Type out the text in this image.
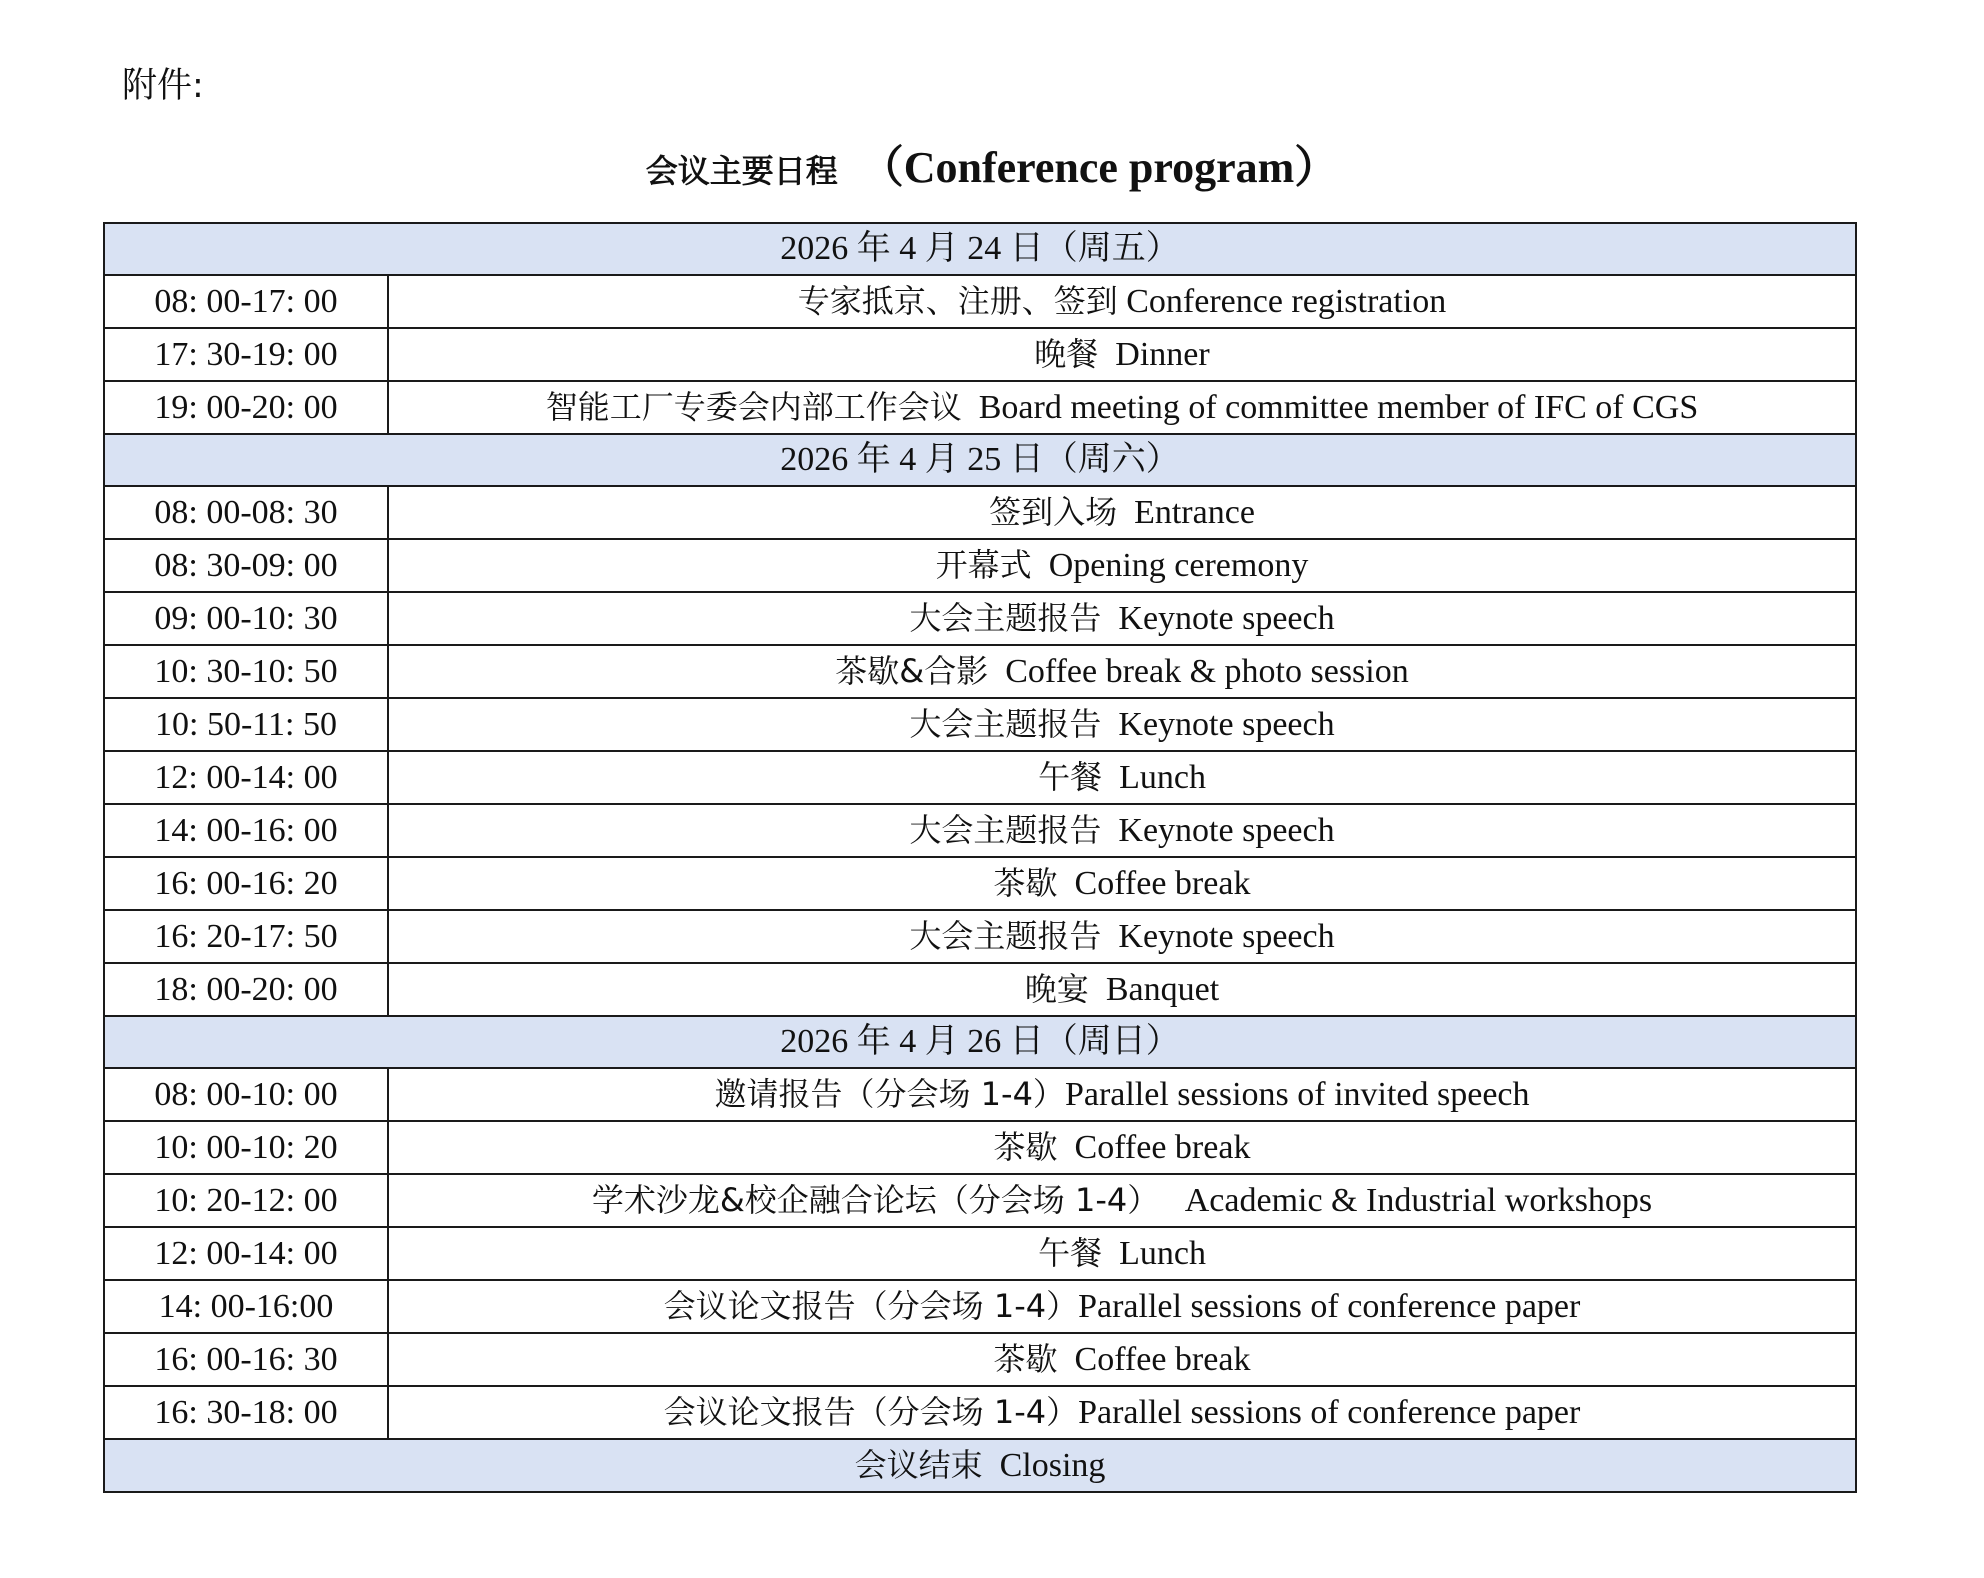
附件:
会议主要日程 （Conference program）
2026 年 4 月 24 日（周五）	
08: 00-17: 00	专家抵京、注册、签到 Conference registration
17: 30-19: 00	晚餐 Dinner
19: 00-20: 00	智能工厂专委会内部工作会议 Board meeting of committee member of IFC of CGS
2026 年 4 月 25 日（周六）	
08: 00-08: 30	签到入场 Entrance
08: 30-09: 00	开幕式 Opening ceremony
09: 00-10: 30	大会主题报告 Keynote speech
10: 30-10: 50	茶歇&合影 Coffee break & photo session
10: 50-11: 50	大会主题报告 Keynote speech
12: 00-14: 00	午餐 Lunch
14: 00-16: 00	大会主题报告 Keynote speech
16: 00-16: 20	茶歇 Coffee break
16: 20-17: 50	大会主题报告 Keynote speech
18: 00-20: 00	晚宴 Banquet
2026 年 4 月 26 日（周日）	
08: 00-10: 00	邀请报告（分会场 1-4）Parallel sessions of invited speech
10: 00-10: 20	茶歇 Coffee break
10: 20-12: 00	学术沙龙&校企融合论坛（分会场 1-4） Academic & Industrial workshops
12: 00-14: 00	午餐 Lunch
14: 00-16:00	会议论文报告（分会场 1-4）Parallel sessions of conference paper
16: 00-16: 30	茶歇 Coffee break
16: 30-18: 00	会议论文报告（分会场 1-4）Parallel sessions of conference paper
会议结束 Closing	
